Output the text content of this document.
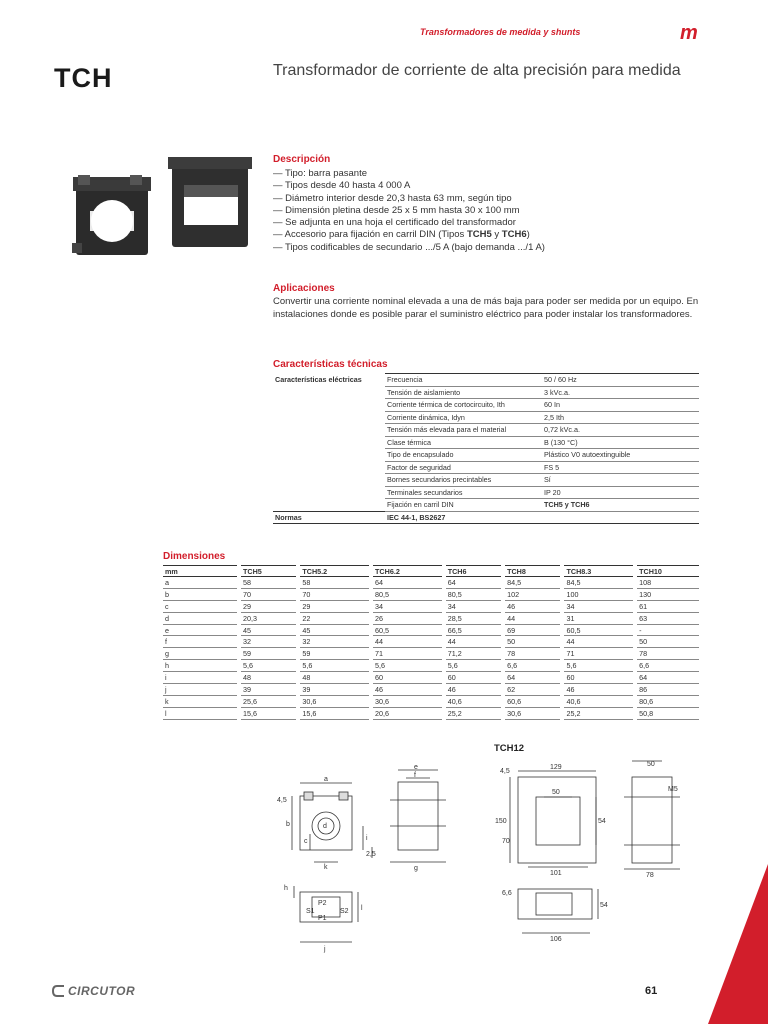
Transformadores de medida y shunts	m
TCH	Transformador de corriente de alta precisión para medida
Descripción
— Tipo: barra pasante
— Tipos desde 40 hasta 4 000 A
— Diámetro interior desde 20,3 hasta 63 mm, según tipo
— Dimensión pletina desde 25 x 5 mm hasta 30 x 100 mm
— Se adjunta en una hoja el certificado del transformador
— Accesorio para fijación en carril DIN (Tipos TCH5 y TCH6)
— Tipos codificables de secundario .../5 A (bajo demanda .../1 A)
Aplicaciones

Convertir una corriente nominal elevada a una de más baja para poder ser medida por un equipo. En instalaciones donde es posible parar el suministro eléctrico para poder instalar los transformadores.

Características técnicas
Características eléctricas	Frecuencia	50 / 60 Hz
	Tensión de aislamiento	3 kVc.a.
	Corriente térmica de cortocircuito, Ith	60 In
	Corriente dinámica, Idyn	2,5 Ith
	Tensión más elevada para el material	0,72 kVc.a.
	Clase térmica	B (130 °C)
	Tipo de encapsulado	Plástico V0 autoextinguible
	Factor de seguridad	FS 5
	Bornes secundarios precintables	Sí
	Terminales secundarios	IP 20
	Fijación en carril DIN	TCH5 y TCH6
Normas	IEC 44-1, BS2627	
Dimensiones
mm	TCH5	TCH5.2	TCH6.2	TCH6	TCH8	TCH8.3	TCH10
a	58	58	64	64	84,5	84,5	108
b	70	70	80,5	80,5	102	100	130
c	29	29	34	34	46	34	61
d	20,3	22	26	28,5	44	31	63
e	45	45	60,5	66,5	69	60,5	-
f	32	32	44	44	50	44	50
g	59	59	71	71,2	78	71	78
h	5,6	5,6	5,6	5,6	6,6	5,6	6,6
i	48	48	60	60	64	60	64
j	39	39	46	46	62	46	86
k	25,6	30,6	30,6	40,6	60,6	40,6	80,6
l	15,6	15,6	20,6	25,2	30,6	25,2	50,8
a
4,5
b
c
d
k
i
2,5
e
f
g
h
P2
S1	S2
P1
l
j
TCH12
129
4,5
50
150
70
54
101
50
M5
78
6,6
54
106
CIRCUTOR	61
